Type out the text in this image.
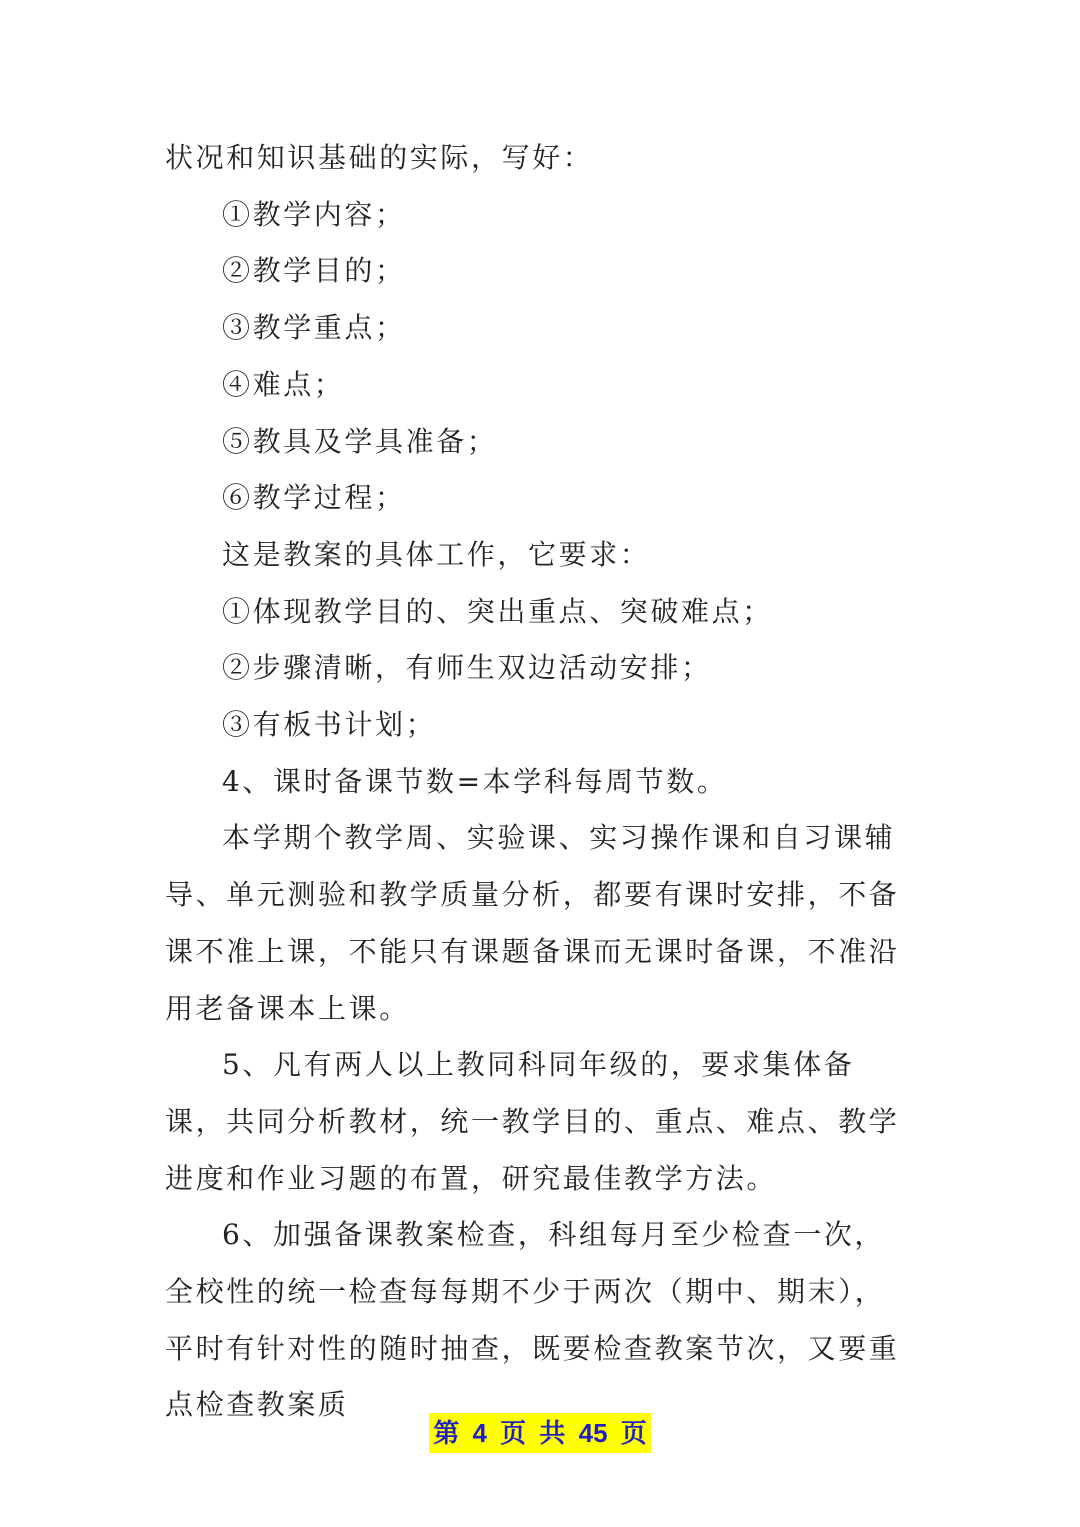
状况和知识基础的实际，写好：

①教学内容；

②教学目的；

③教学重点；

④难点；

⑤教具及学具准备；

⑥教学过程；

这是教案的具体工作，它要求：

①体现教学目的、突出重点、突破难点；

②步骤清晰，有师生双边活动安排；

③有板书计划；

4、课时备课节数=本学科每周节数。

本学期个教学周、实验课、实习操作课和自习课辅导、单元测验和教学质量分析，都要有课时安排，不备课不准上课，不能只有课题备课而无课时备课，不准沿用老备课本上课。

5、凡有两人以上教同科同年级的，要求集体备课，共同分析教材，统一教学目的、重点、难点、教学进度和作业习题的布置，研究最佳教学方法。

6、加强备课教案检查，科组每月至少检查一次，全校性的统一检查每每期不少于两次（期中、期末），平时有针对性的随时抽查，既要检查教案节次，又要重点检查教案质

第 4 页 共 45 页
